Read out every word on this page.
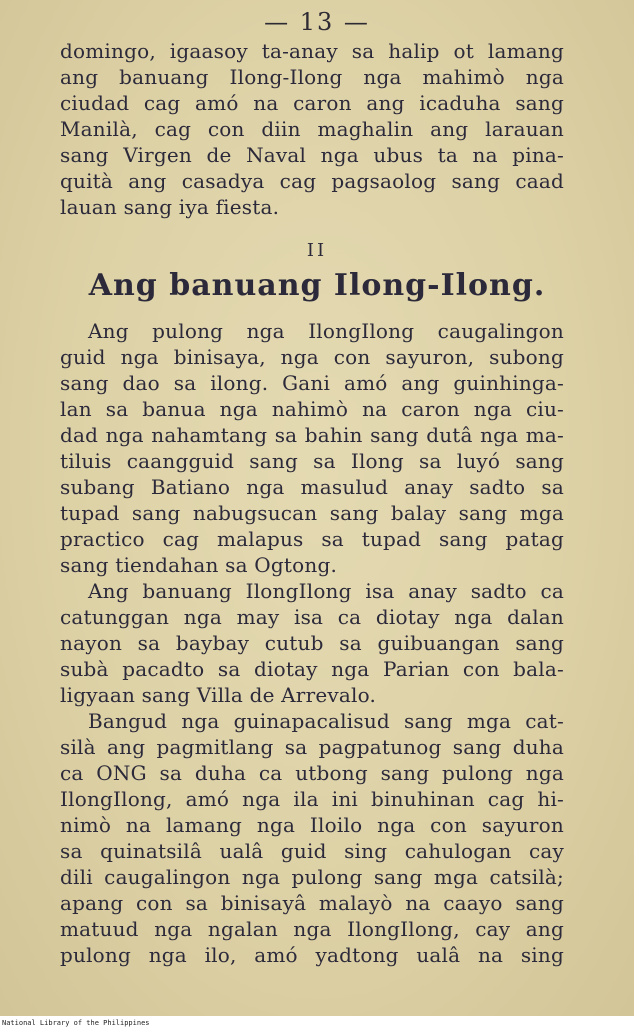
— 13 —

domingo, igaasoy ta-anay sa halip ot lamang
ang banuang Ilong-Ilong nga mahimò nga
ciudad cag amó na caron ang icaduha sang
Manilà, cag con diin maghalin ang larauan
sang Virgen de Naval nga ubus ta na pina-
quità ang casadya cag pagsaolog sang caad
lauan sang iya fiesta.

II
Ang banuang Ilong-Ilong.

Ang pulong nga IlongIlong caugalingon
guid nga binisaya, nga con sayuron, subong
sang dao sa ilong. Gani amó ang guinhinga-
lan sa banua nga nahimò na caron nga ciu-
dad nga nahamtang sa bahin sang dutâ nga ma-
tiluis caangguid sang sa Ilong sa luyó sang
subang Batiano nga masulud anay sadto sa
tupad sang nabugsucan sang balay sang mga
practico cag malapus sa tupad sang patag
sang tiendahan sa Ogtong.

Ang banuang IlongIlong isa anay sadto ca
catunggan nga may isa ca diotay nga dalan
nayon sa baybay cutub sa guibuangan sang
subà pacadto sa diotay nga Parian con bala-
ligyaan sang Villa de Arrevalo.

Bangud nga guinapacalisud sang mga cat-
silà ang pagmitlang sa pagpatunog sang duha
ca ONG sa duha ca utbong sang pulong nga
IlongIlong, amó nga ila ini binuhinan cag hi-
nimò na lamang nga Iloilo nga con sayuron
sa quinatsilâ ualâ guid sing cahulogan cay
dili caugalingon nga pulong sang mga catsilà;
apang con sa binisayâ malayò na caayo sang
matuud nga ngalan nga IlongIlong, cay ang
pulong nga ilo, amó yadtong ualâ na sing

National Library of the Philippines
